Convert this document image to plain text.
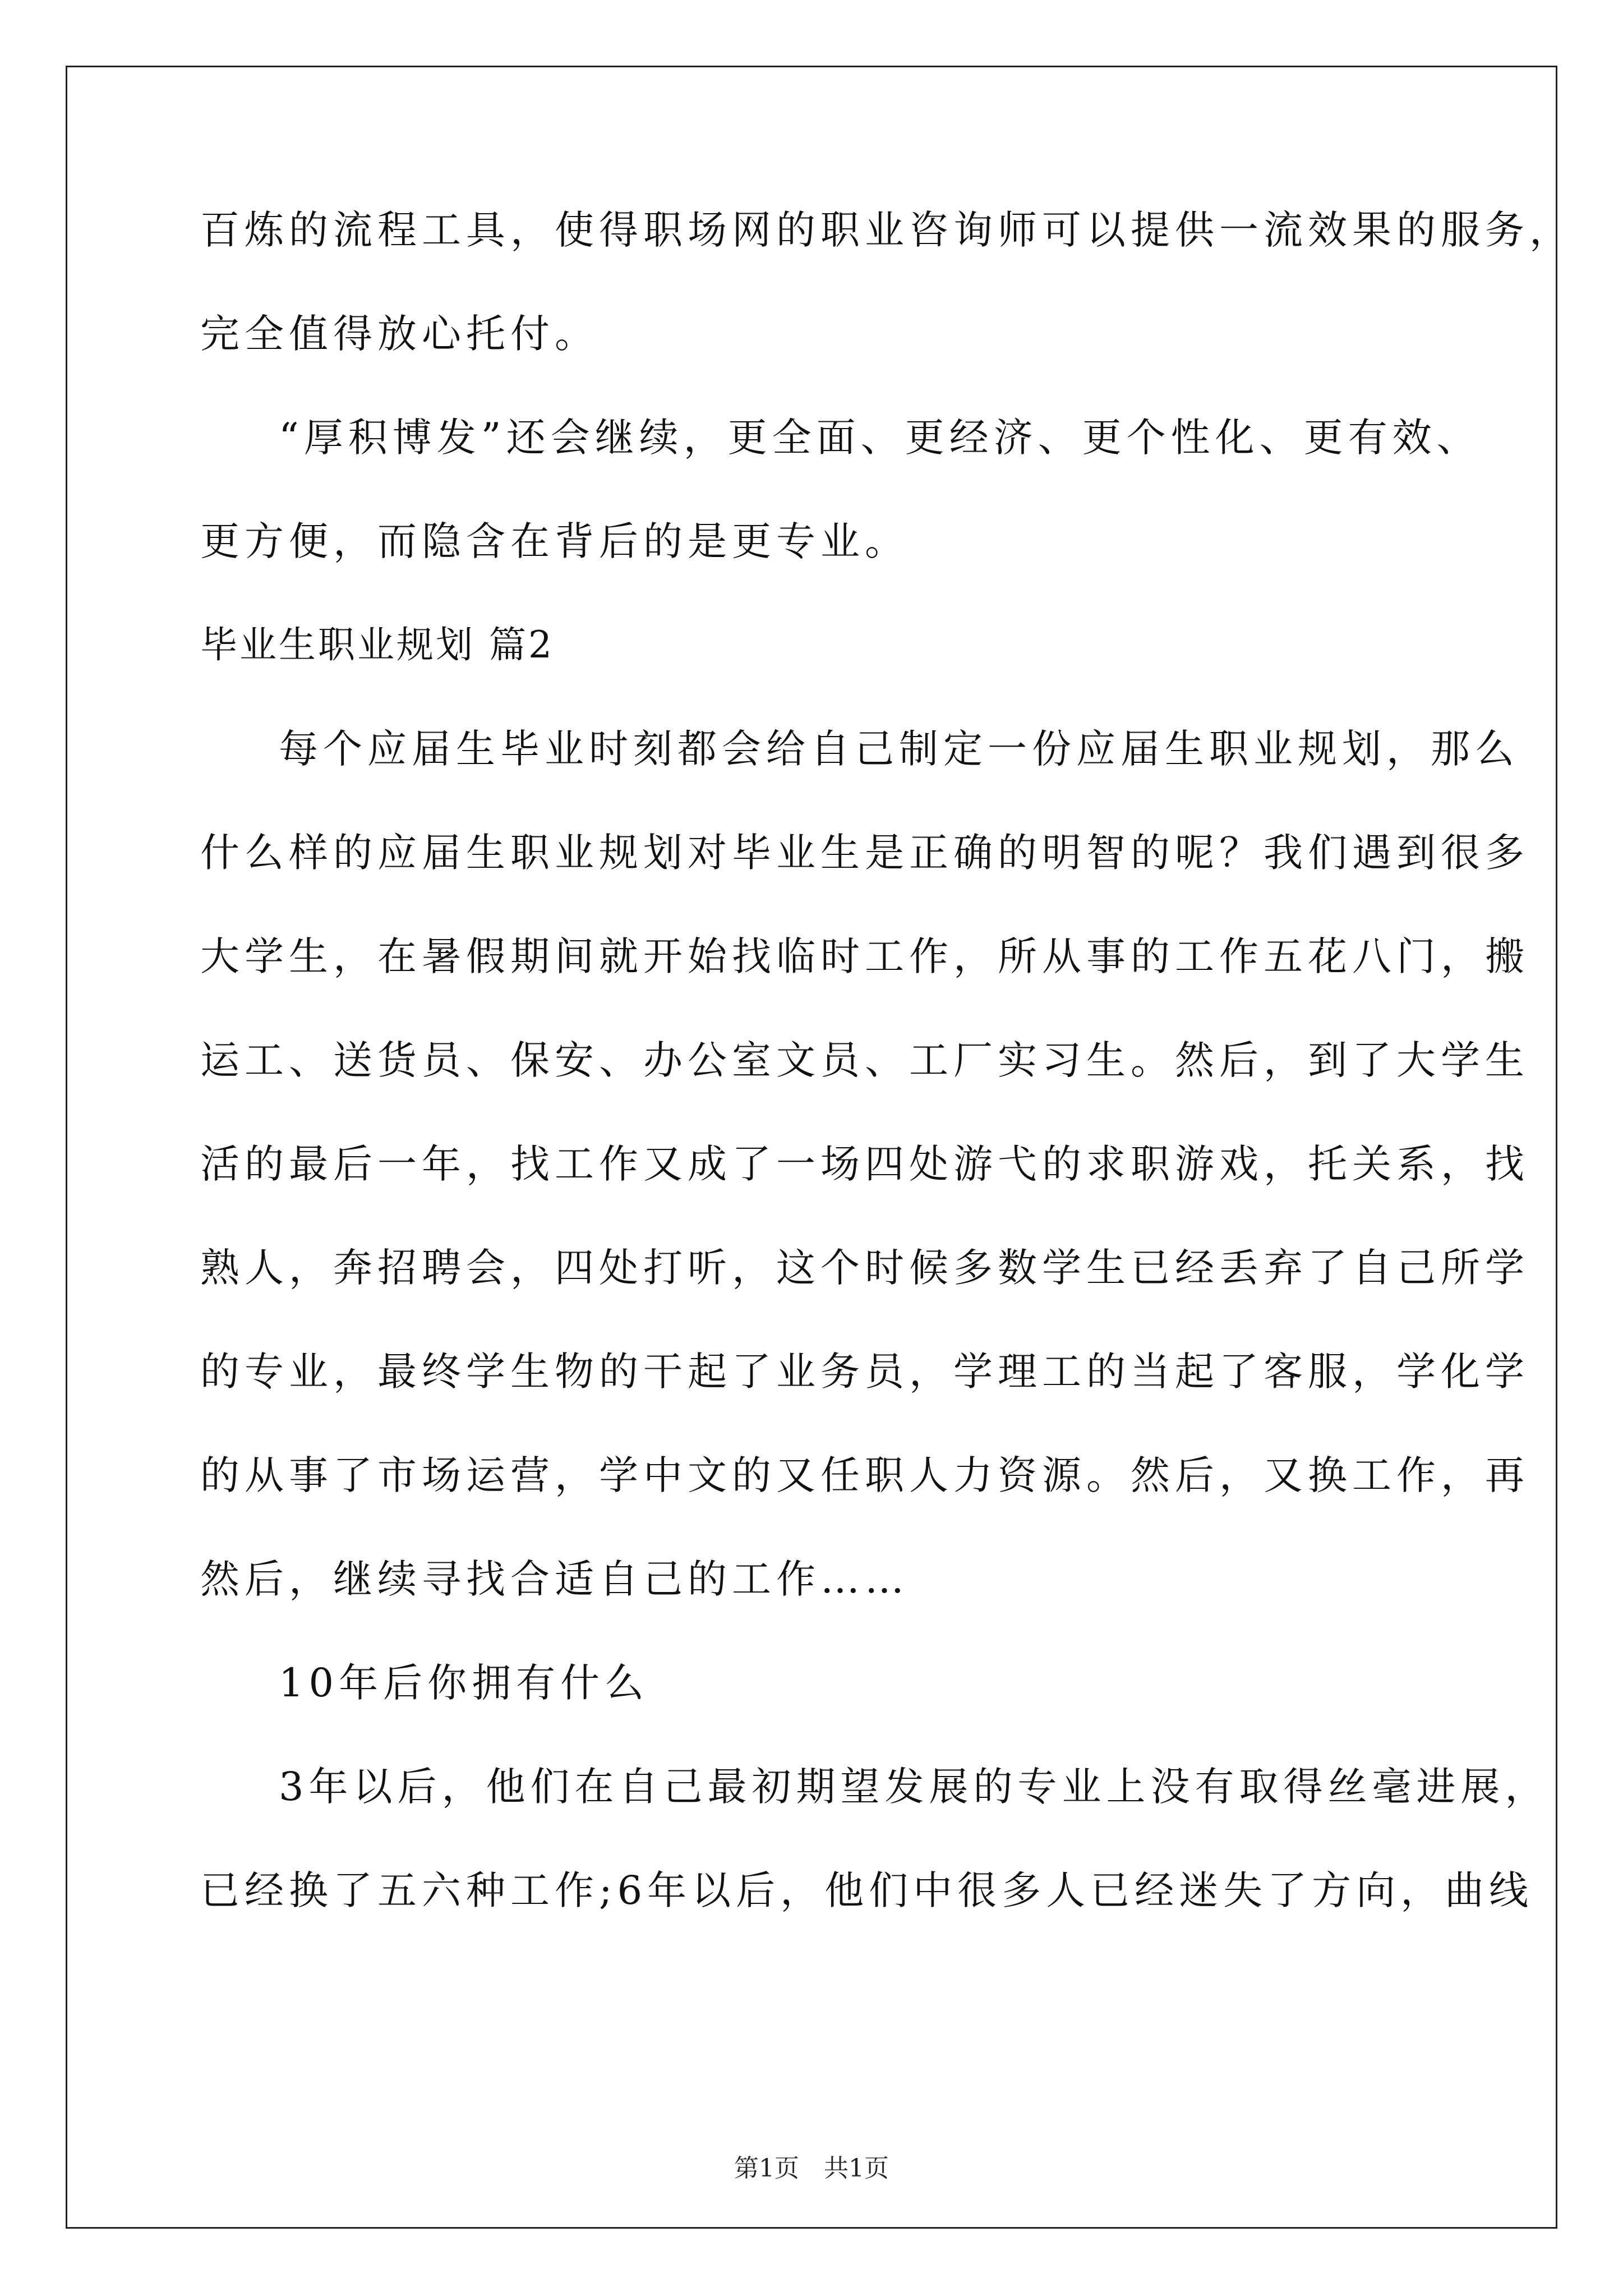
百炼的流程工具，使得职场网的职业咨询师可以提供一流效果的服务，
完全值得放心托付。
“厚积博发”还会继续，更全面、更经济、更个性化、更有效、
更方便，而隐含在背后的是更专业。
毕业生职业规划 篇2
每个应届生毕业时刻都会给自己制定一份应届生职业规划，那么
什么样的应届生职业规划对毕业生是正确的明智的呢？我们遇到很多
大学生，在暑假期间就开始找临时工作，所从事的工作五花八门，搬
运工、送货员、保安、办公室文员、工厂实习生。然后，到了大学生
活的最后一年，找工作又成了一场四处游弋的求职游戏，托关系，找
熟人，奔招聘会，四处打听，这个时候多数学生已经丢弃了自己所学
的专业，最终学生物的干起了业务员，学理工的当起了客服，学化学
的从事了市场运营，学中文的又任职人力资源。然后，又换工作，再
然后，继续寻找合适自己的工作……
10年后你拥有什么
3年以后，他们在自己最初期望发展的专业上没有取得丝毫进展，
已经换了五六种工作;6年以后，他们中很多人已经迷失了方向，曲线
第1页　共1页
